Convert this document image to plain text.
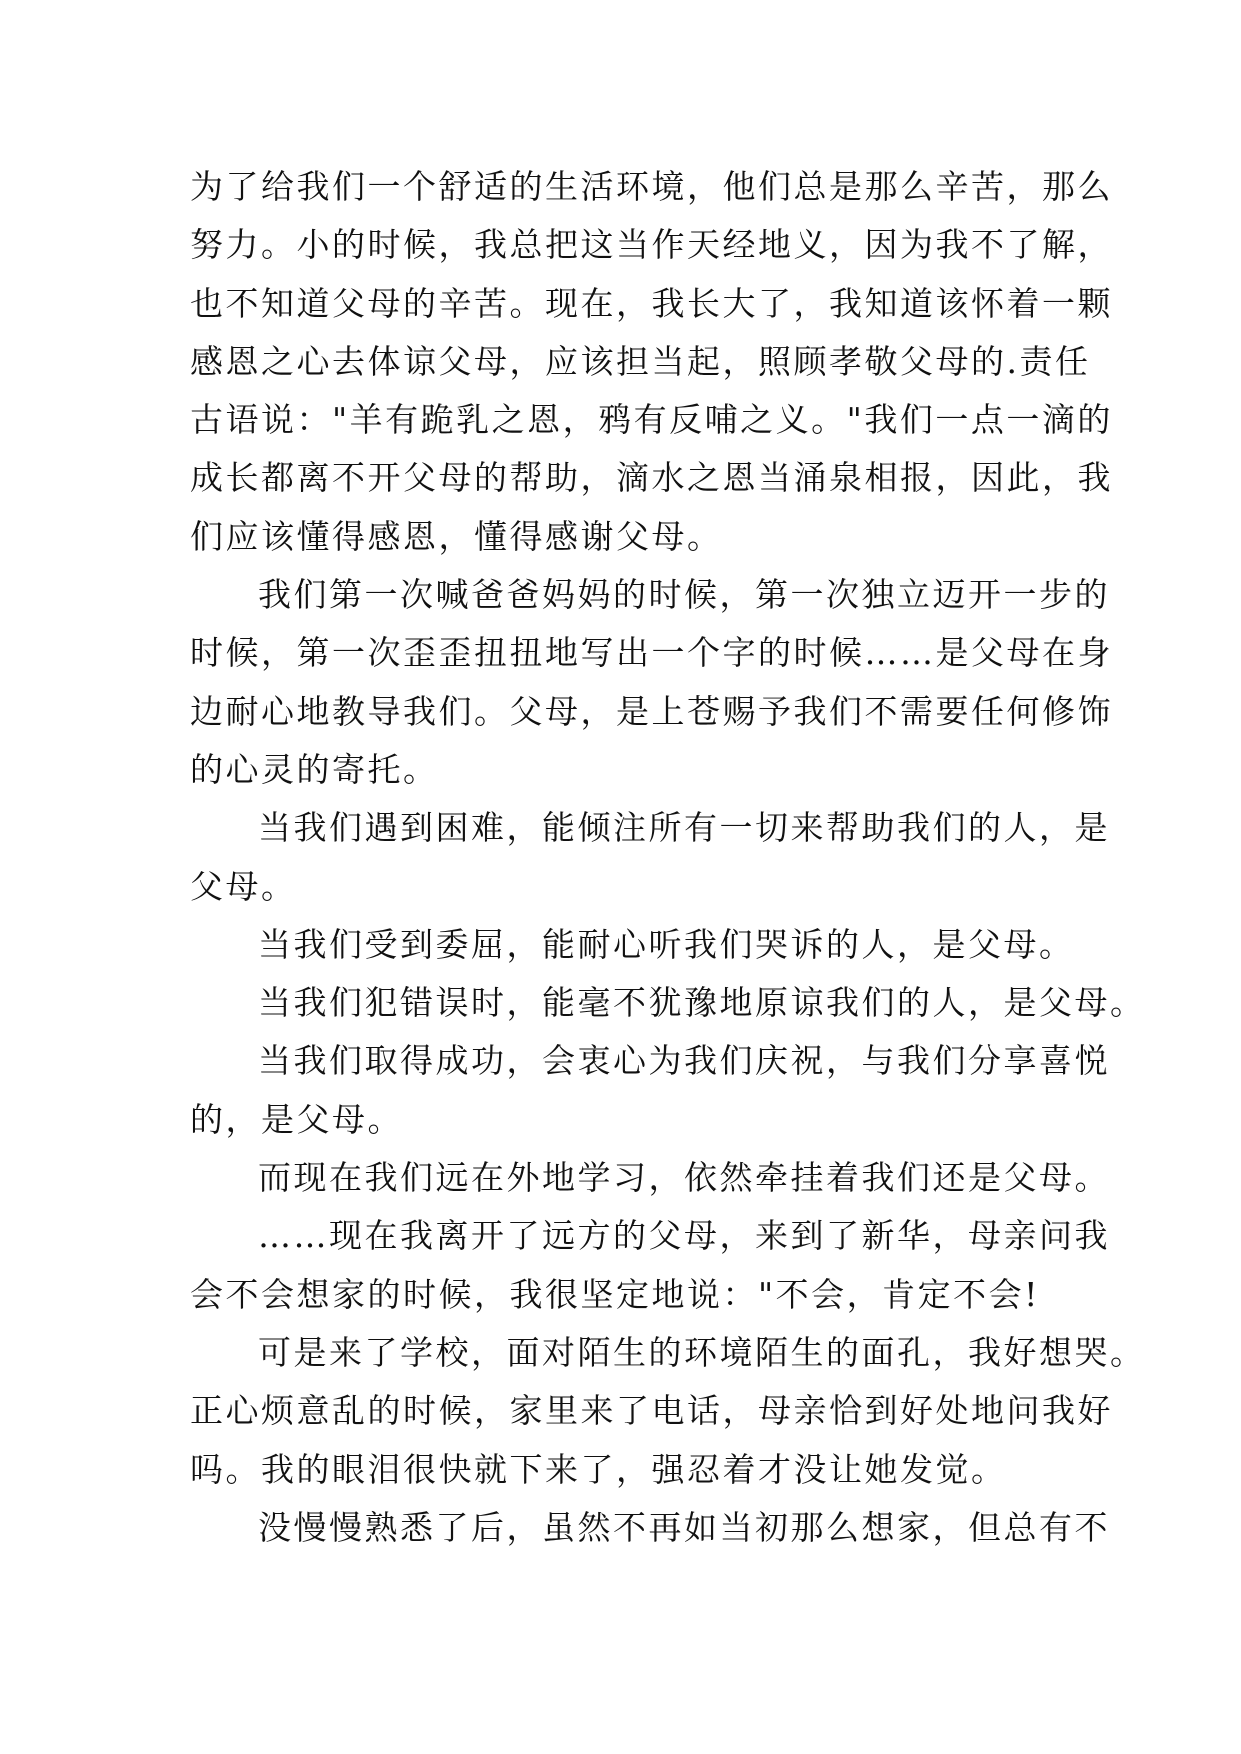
为了给我们一个舒适的生活环境，他们总是那么辛苦，那么
努力。小的时候，我总把这当作天经地义，因为我不了解，
也不知道父母的辛苦。现在，我长大了，我知道该怀着一颗
感恩之心去体谅父母，应该担当起，照顾孝敬父母的.责任
古语说："羊有跪乳之恩，鸦有反哺之义。"我们一点一滴的
成长都离不开父母的帮助，滴水之恩当涌泉相报，因此，我
们应该懂得感恩，懂得感谢父母。
我们第一次喊爸爸妈妈的时候，第一次独立迈开一步的
时候，第一次歪歪扭扭地写出一个字的时候……是父母在身
边耐心地教导我们。父母，是上苍赐予我们不需要任何修饰
的心灵的寄托。
当我们遇到困难，能倾注所有一切来帮助我们的人，是
父母。
当我们受到委屈，能耐心听我们哭诉的人，是父母。
当我们犯错误时，能毫不犹豫地原谅我们的人，是父母。
当我们取得成功，会衷心为我们庆祝，与我们分享喜悦
的，是父母。
而现在我们远在外地学习，依然牵挂着我们还是父母。
……现在我离开了远方的父母，来到了新华，母亲问我
会不会想家的时候，我很坚定地说："不会，肯定不会!
可是来了学校，面对陌生的环境陌生的面孔，我好想哭。
正心烦意乱的时候，家里来了电话，母亲恰到好处地问我好
吗。我的眼泪很快就下来了，强忍着才没让她发觉。
没慢慢熟悉了后，虽然不再如当初那么想家，但总有不
